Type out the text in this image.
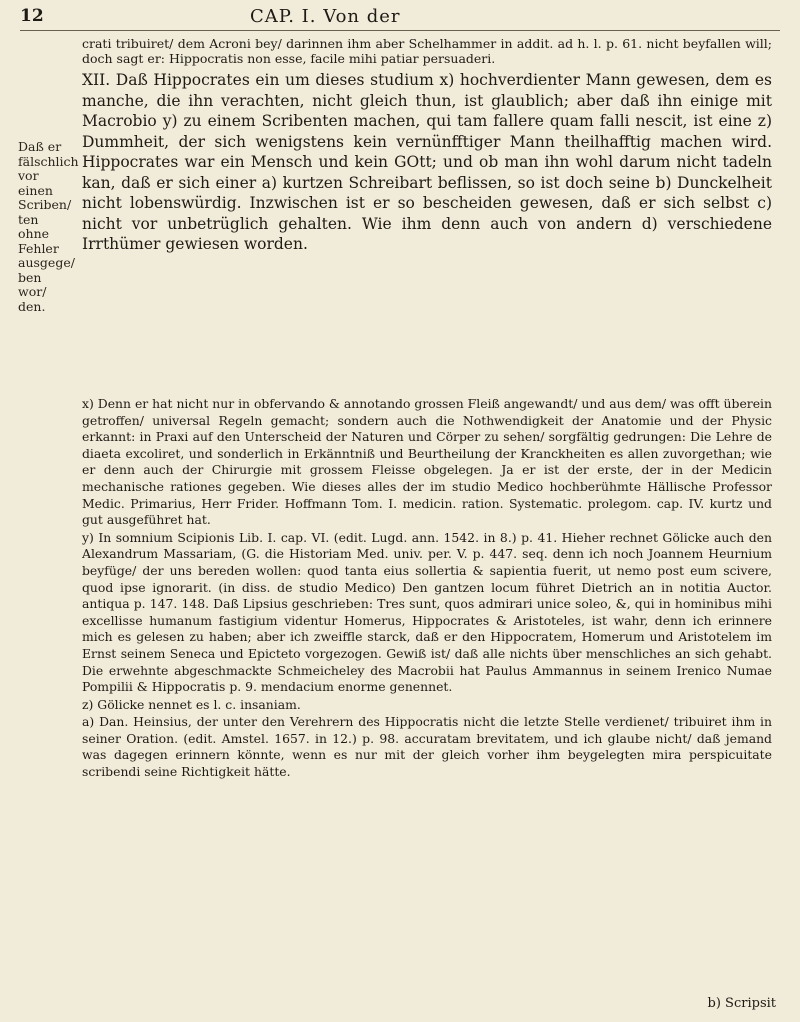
12	CAP. I. Von der
Daß er fälschlich vor einen Scriben/ ten ohne Fehler ausgege/ ben wor/ den.

crati tribuiret/ dem Acroni bey/ darinnen ihm aber Schelhammer in addit. ad h. l. p. 61. nicht beyfallen will; doch sagt er: Hippocratis non esse, facile mihi patiar persuaderi.

XII. Daß Hippocrates ein um dieses studium x) hochverdienter Mann gewesen, dem es manche, die ihn verachten, nicht gleich thun, ist glaublich; aber daß ihn einige mit Macrobio y) zu einem Scribenten machen, qui tam fallere quam falli nescit, ist eine z) Dummheit, der sich wenigstens kein vernünfftiger Mann theilhafftig machen wird. Hippocrates war ein Mensch und kein GOtt; und ob man ihn wohl darum nicht tadeln kan, daß er sich einer a) kurtzen Schreibart beflissen, so ist doch seine b) Dunckelheit nicht lobenswürdig. Inzwischen ist er so bescheiden gewesen, daß er sich selbst c) nicht vor unbetrüglich gehalten. Wie ihm denn auch von andern d) verschiedene Irrthümer gewiesen worden.

x) Denn er hat nicht nur in obfervando & annotando grossen Fleiß angewandt/ und aus dem/ was offt überein getroffen/ universal Regeln gemacht; sondern auch die Nothwendigkeit der Anatomie und der Physic erkannt: in Praxi auf den Unterscheid der Naturen und Cörper zu sehen/ sorgfältig gedrungen: Die Lehre de diaeta excoliret, und sonderlich in Erkänntniß und Beurtheilung der Kranckheiten es allen zuvorgethan; wie er denn auch der Chirurgie mit grossem Fleisse obgelegen. Ja er ist der erste, der in der Medicin mechanische rationes gegeben. Wie dieses alles der im studio Medico hochberühmte Hällische Professor Medic. Primarius, Herr Frider. Hoffmann Tom. I. medicin. ration. Systematic. prolegom. cap. IV. kurtz und gut ausgeführet hat.

y) In somnium Scipionis Lib. I. cap. VI. (edit. Lugd. ann. 1542. in 8.) p. 41. Hieher rechnet Gölicke auch den Alexandrum Massariam, (G. die Historiam Med. univ. per. V. p. 447. seq. denn ich noch Joannem Heurnium beyfüge/ der uns bereden wollen: quod tanta eius sollertia & sapientia fuerit, ut nemo post eum scivere, quod ipse ignorarit. (in diss. de studio Medico) Den gantzen locum führet Dietrich an in notitia Auctor. antiqua p. 147. 148. Daß Lipsius geschrieben: Tres sunt, quos admirari unice soleo, &, qui in hominibus mihi excellisse humanum fastigium videntur Homerus, Hippocrates & Aristoteles, ist wahr, denn ich erinnere mich es gelesen zu haben; aber ich zweiffle starck, daß er den Hippocratem, Homerum und Aristotelem im Ernst seinem Seneca und Epicteto vorgezogen. Gewiß ist/ daß alle nichts über menschliches an sich gehabt. Die erwehnte abgeschmackte Schmeicheley des Macrobii hat Paulus Ammannus in seinem Irenico Numae Pompilii & Hippocratis p. 9. mendacium enorme genennet.

z) Gölicke nennet es l. c. insaniam.

a) Dan. Heinsius, der unter den Verehrern des Hippocratis nicht die letzte Stelle verdienet/ tribuiret ihm in seiner Oration. (edit. Amstel. 1657. in 12.) p. 98. accuratam brevitatem, und ich glaube nicht/ daß jemand was dagegen erinnern könnte, wenn es nur mit der gleich vorher ihm beygelegten mira perspicuitate scribendi seine Richtigkeit hätte.

b) Scripsit
